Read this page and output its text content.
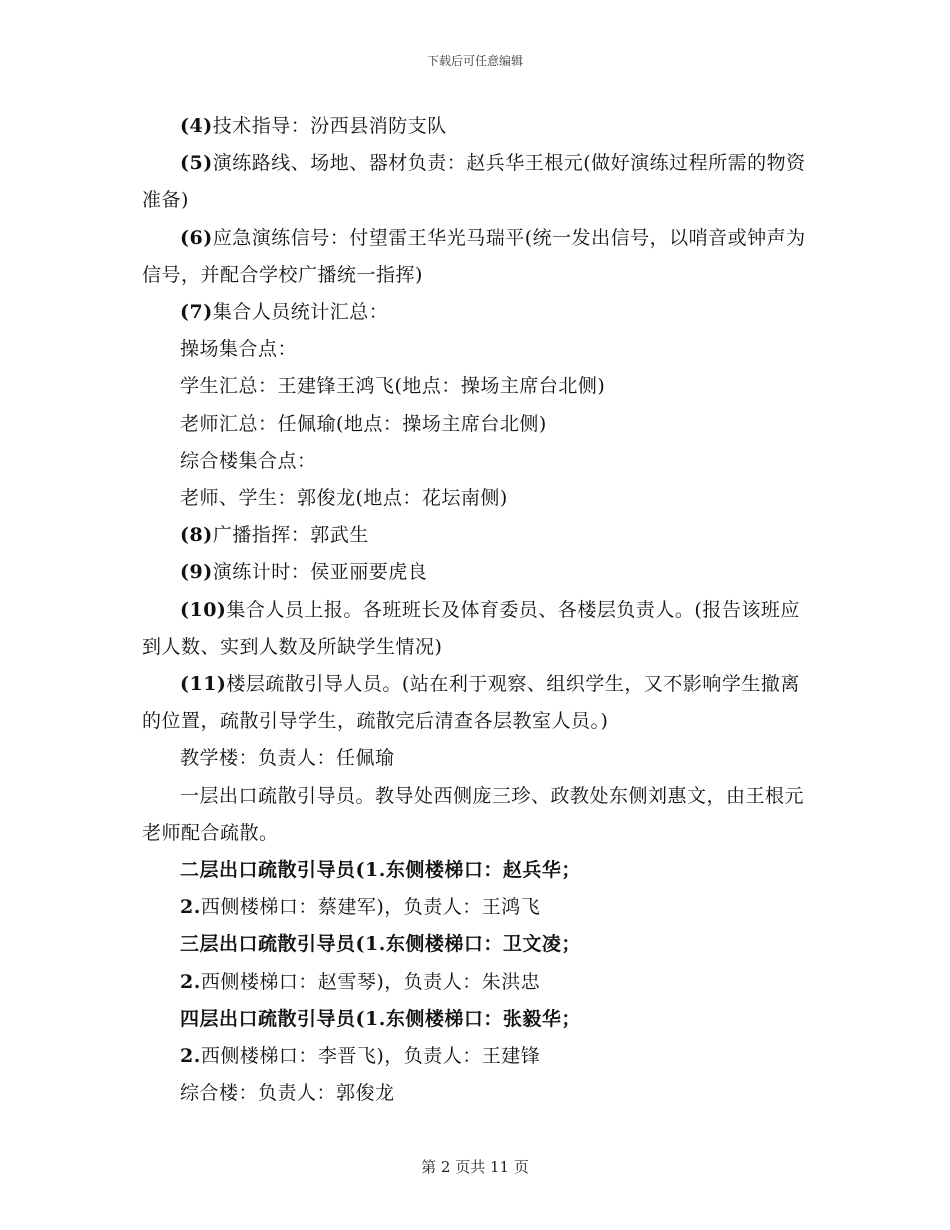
下载后可任意编辑

(4)技术指导：汾西县消防支队

(5)演练路线、场地、器材负责：赵兵华王根元(做好演练过程所需的物资准备)

(6)应急演练信号：付望雷王华光马瑞平(统一发出信号，以哨音或钟声为信号，并配合学校广播统一指挥)

(7)集合人员统计汇总：

操场集合点：

学生汇总：王建锋王鸿飞(地点：操场主席台北侧)

老师汇总：任佩瑜(地点：操场主席台北侧)

综合楼集合点：

老师、学生：郭俊龙(地点：花坛南侧)

(8)广播指挥：郭武生

(9)演练计时：侯亚丽要虎良

(10)集合人员上报。各班班长及体育委员、各楼层负责人。(报告该班应到人数、实到人数及所缺学生情况)

(11)楼层疏散引导人员。(站在利于观察、组织学生，又不影响学生撤离的位置，疏散引导学生，疏散完后清查各层教室人员。)

教学楼：负责人：任佩瑜

一层出口疏散引导员。教导处西侧庞三珍、政教处东侧刘惠文，由王根元老师配合疏散。

二层出口疏散引导员(1.东侧楼梯口：赵兵华；

2.西侧楼梯口：蔡建军)，负责人：王鸿飞

三层出口疏散引导员(1.东侧楼梯口：卫文凌；

2.西侧楼梯口：赵雪琴)，负责人：朱洪忠

四层出口疏散引导员(1.东侧楼梯口：张毅华；

2.西侧楼梯口：李晋飞)，负责人：王建锋

综合楼：负责人：郭俊龙

第 2 页共 11 页
